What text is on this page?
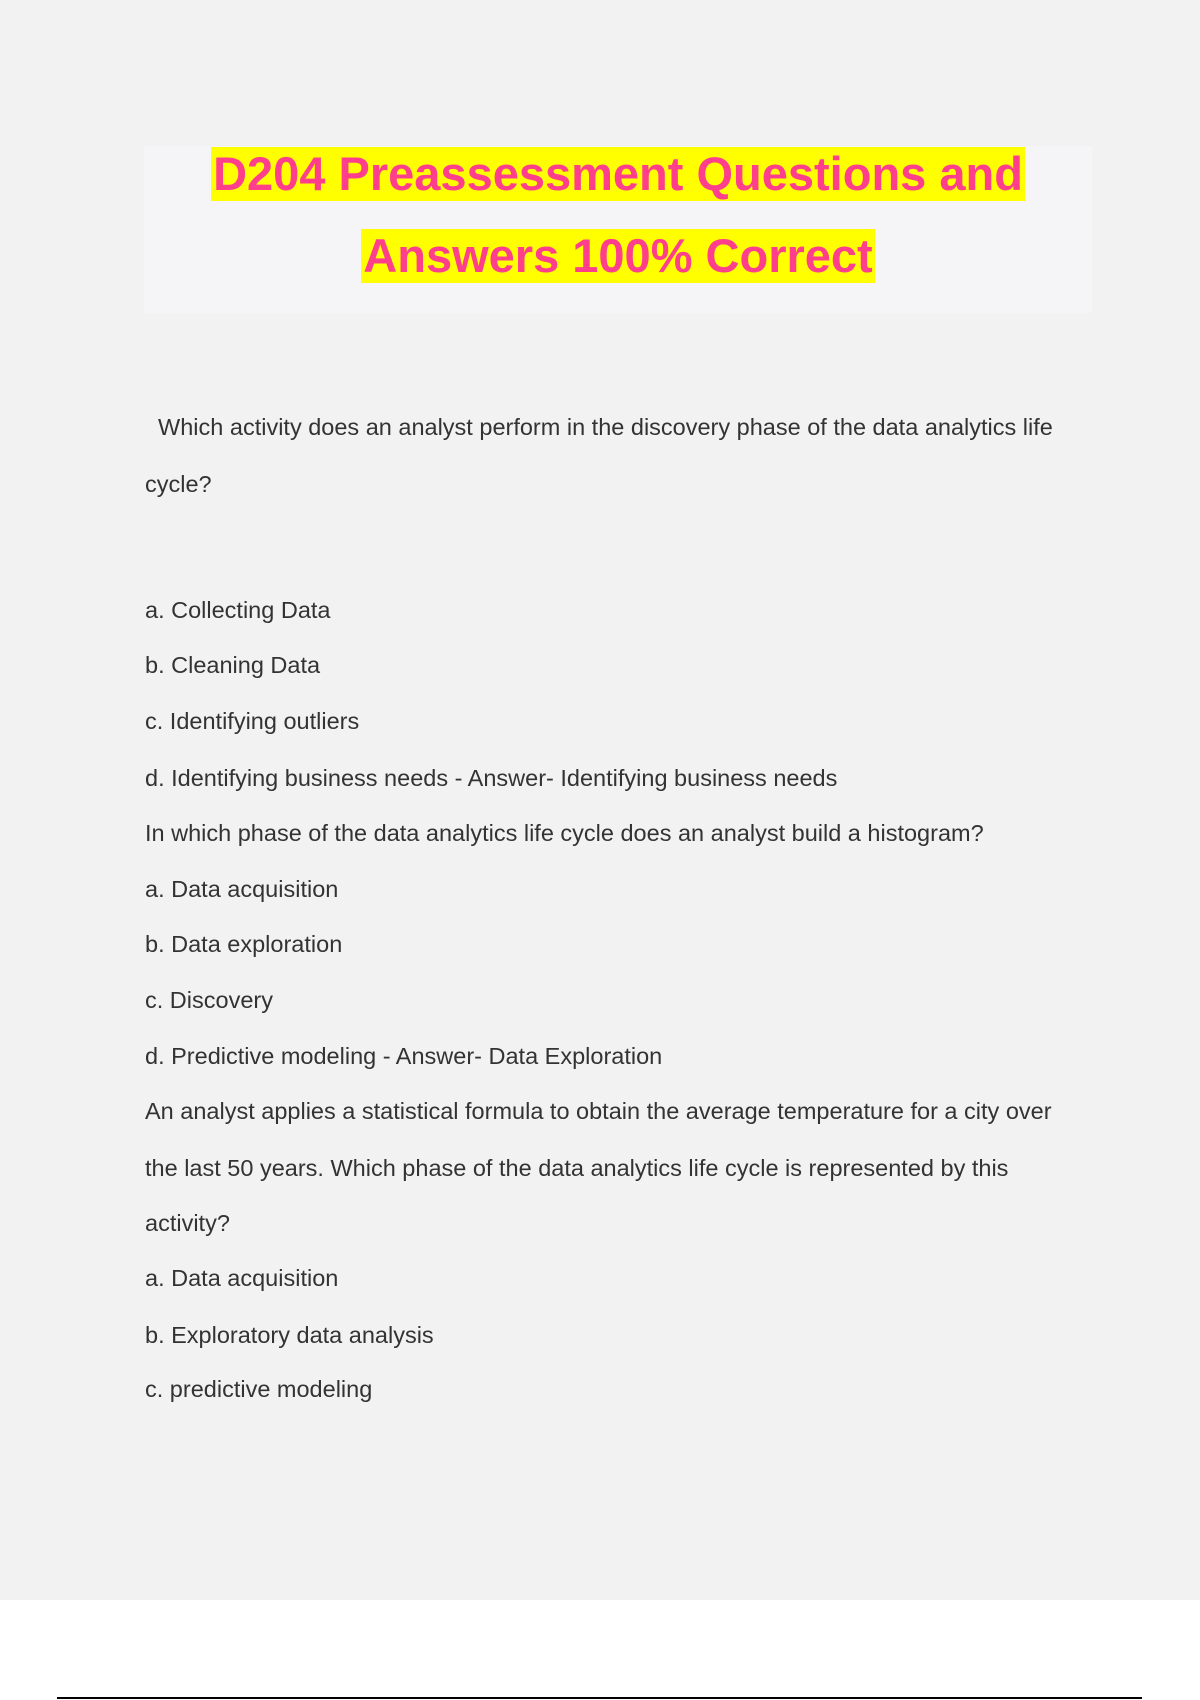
D204 Preassessment Questions and
Answers 100% Correct
Which activity does an analyst perform in the discovery phase of the data analytics life
cycle?
a. Collecting Data
b. Cleaning Data
c. Identifying outliers
d. Identifying business needs - Answer- Identifying business needs
In which phase of the data analytics life cycle does an analyst build a histogram?
a. Data acquisition
b. Data exploration
c. Discovery
d. Predictive modeling - Answer- Data Exploration
An analyst applies a statistical formula to obtain the average temperature for a city over
the last 50 years. Which phase of the data analytics life cycle is represented by this
activity?
a. Data acquisition
b. Exploratory data analysis
c. predictive modeling
